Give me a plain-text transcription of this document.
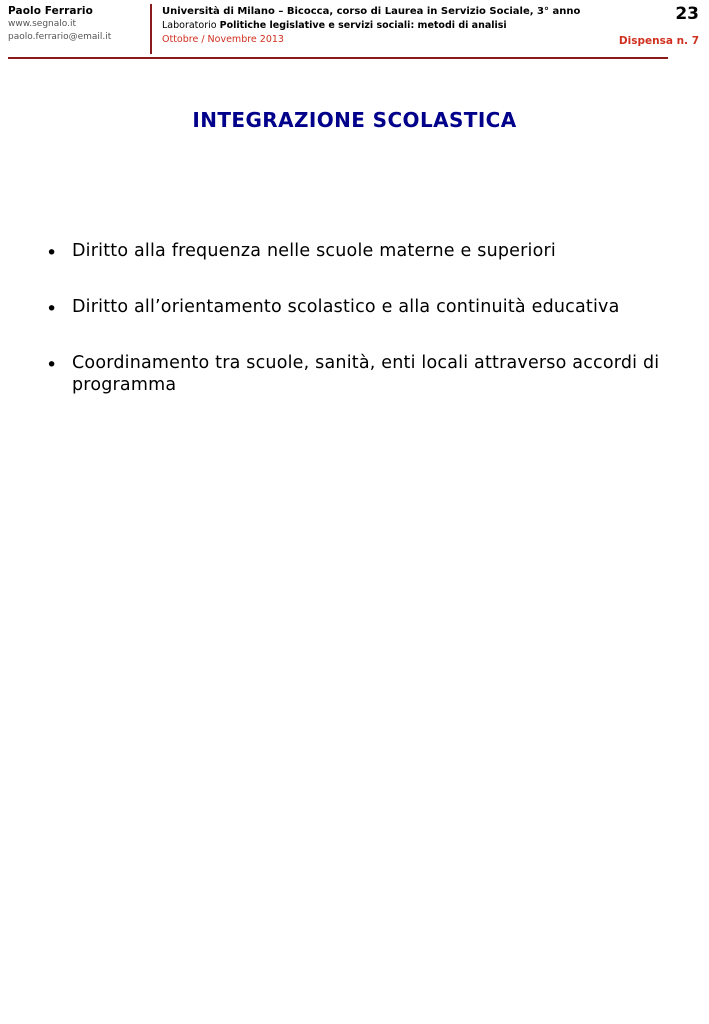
Paolo Ferrario
www.segnalo.it
paolo.ferrario@email.it
Università di Milano – Bicocca, corso di Laurea in Servizio Sociale, 3° anno
Laboratorio Politiche legislative e servizi sociali: metodi di analisi
Ottobre / Novembre 2013
23
Dispensa n. 7
INTEGRAZIONE SCOLASTICA
• Diritto alla frequenza nelle scuole materne e superiori
• Diritto all’orientamento scolastico e alla continuità educativa
• Coordinamento tra scuole, sanità, enti locali attraverso accordi di programma
